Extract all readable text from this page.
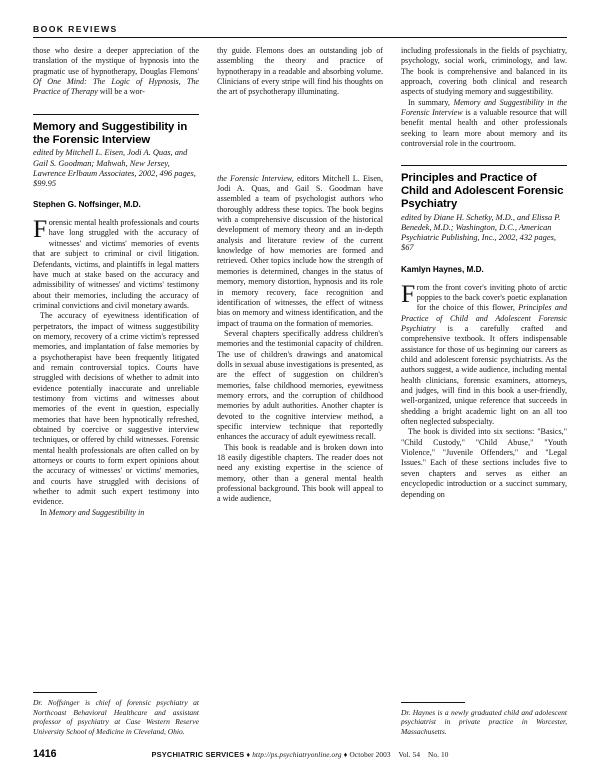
BOOK REVIEWS

those who desire a deeper appreciation of the translation of the mystique of hypnosis into the pragmatic use of hypnotherapy, Douglas Flemons' Of One Mind: The Logic of Hypnosis, The Practice of Therapy will be a wor-

Memory and Suggestibility in the Forensic Interview

edited by Mitchell L. Eisen, Jodi A. Quas, and Gail S. Goodman; Mahwah, New Jersey, Lawrence Erlbaum Associates, 2002, 496 pages, $99.95

Stephen G. Noffsinger, M.D.

Forensic mental health professionals and courts have long struggled with the accuracy of witnesses' and victims' memories of events that are subject to criminal or civil litigation. Defendants, victims, and plaintiffs in legal matters have much at stake based on the accuracy and admissibility of witnesses' and victims' testimony about their memories, including the accuracy of criminal convictions and civil monetary awards.

The accuracy of eyewitness identification of perpetrators, the impact of witness suggestibility on memory, recovery of a crime victim's repressed memories, and implantation of false memories by a psychotherapist have been frequently litigated and remain controversial topics. Courts have struggled with decisions of whether to admit into evidence potentially inaccurate and unreliable testimony from victims and witnesses about memories of the event in question, especially memories that have been hypnotically refreshed, obtained by coercive or suggestive interview techniques, or offered by child witnesses. Forensic mental health professionals are often called on by attorneys or courts to form expert opinions about the accuracy of witnesses' or victims' memories, and courts have struggled with decisions of whether to admit such expert testimony into evidence.

In Memory and Suggestibility in

Dr. Noffsinger is chief of forensic psychiatry at Northcoast Behavioral Healthcare and assistant professor of psychiatry at Case Western Reserve University School of Medicine in Cleveland, Ohio.

thy guide. Flemons does an outstanding job of assembling the theory and practice of hypnotherapy in a readable and absorbing volume. Clinicians of every stripe will find his thoughts on the art of psychotherapy illuminating.

the Forensic Interview, editors Mitchell L. Eisen, Jodi A. Quas, and Gail S. Goodman have assembled a team of psychologist authors who thoroughly address these topics. The book begins with a comprehensive discussion of the historical development of memory theory and an in-depth analysis and literature review of the current knowledge of how memories are formed and retrieved. Other topics include how the strength of memories is determined, changes in the status of memory, memory distortion, hypnosis and its role in memory recovery, face recognition and identification of witnesses, the effect of witness bias on memory and witness identification, and the impact of trauma on the formation of memories.

Several chapters specifically address children's memories and the testimonial capacity of children. The use of children's drawings and anatomical dolls in sexual abuse investigations is presented, as are the effect of suggestion on children's memories, false childhood memories, eyewitness memory errors, and the corruption of childhood memories by adult authorities. Another chapter is devoted to the cognitive interview method, a specific interview technique that reportedly enhances the accuracy of adult eyewitness recall.

This book is readable and is broken down into 18 easily digestible chapters. The reader does not need any existing expertise in the science of memory, other than a general mental health professional background. This book will appeal to a wide audience,

including professionals in the fields of psychiatry, psychology, social work, criminology, and law. The book is comprehensive and balanced in its approach, covering both clinical and research aspects of studying memory and suggestibility.

In summary, Memory and Suggestibility in the Forensic Interview is a valuable resource that will benefit mental health and other professionals seeking to learn more about memory and its controversial role in the courtroom.

Principles and Practice of Child and Adolescent Forensic Psychiatry

edited by Diane H. Schetky, M.D., and Elissa P. Benedek, M.D.; Washington, D.C., American Psychiatric Publishing, Inc., 2002, 432 pages, $67

Kamlyn Haynes, M.D.

From the front cover's inviting photo of arctic poppies to the back cover's poetic explanation for the choice of this flower, Principles and Practice of Child and Adolescent Forensic Psychiatry is a carefully crafted and comprehensive textbook. It offers indispensable assistance for those of us beginning our careers as child and adolescent forensic psychiatrists. As the authors suggest, a wide audience, including mental health clinicians, forensic examiners, attorneys, and judges, will find in this book a user-friendly, well-organized, unique reference that succeeds in shedding a bright academic light on an all too often neglected subspecialty.

The book is divided into six sections: "Basics," "Child Custody," "Child Abuse," "Youth Violence," "Juvenile Offenders," and "Legal Issues." Each of these sections includes five to seven chapters and serves as either an encyclopedic introduction or a succinct summary, depending on

Dr. Haynes is a newly graduated child and adolescent psychiatrist in private practice in Worcester, Massachusetts.

1416	PSYCHIATRIC SERVICES ♦ http://ps.psychiatryonline.org ♦ October 2003 Vol. 54 No. 10
